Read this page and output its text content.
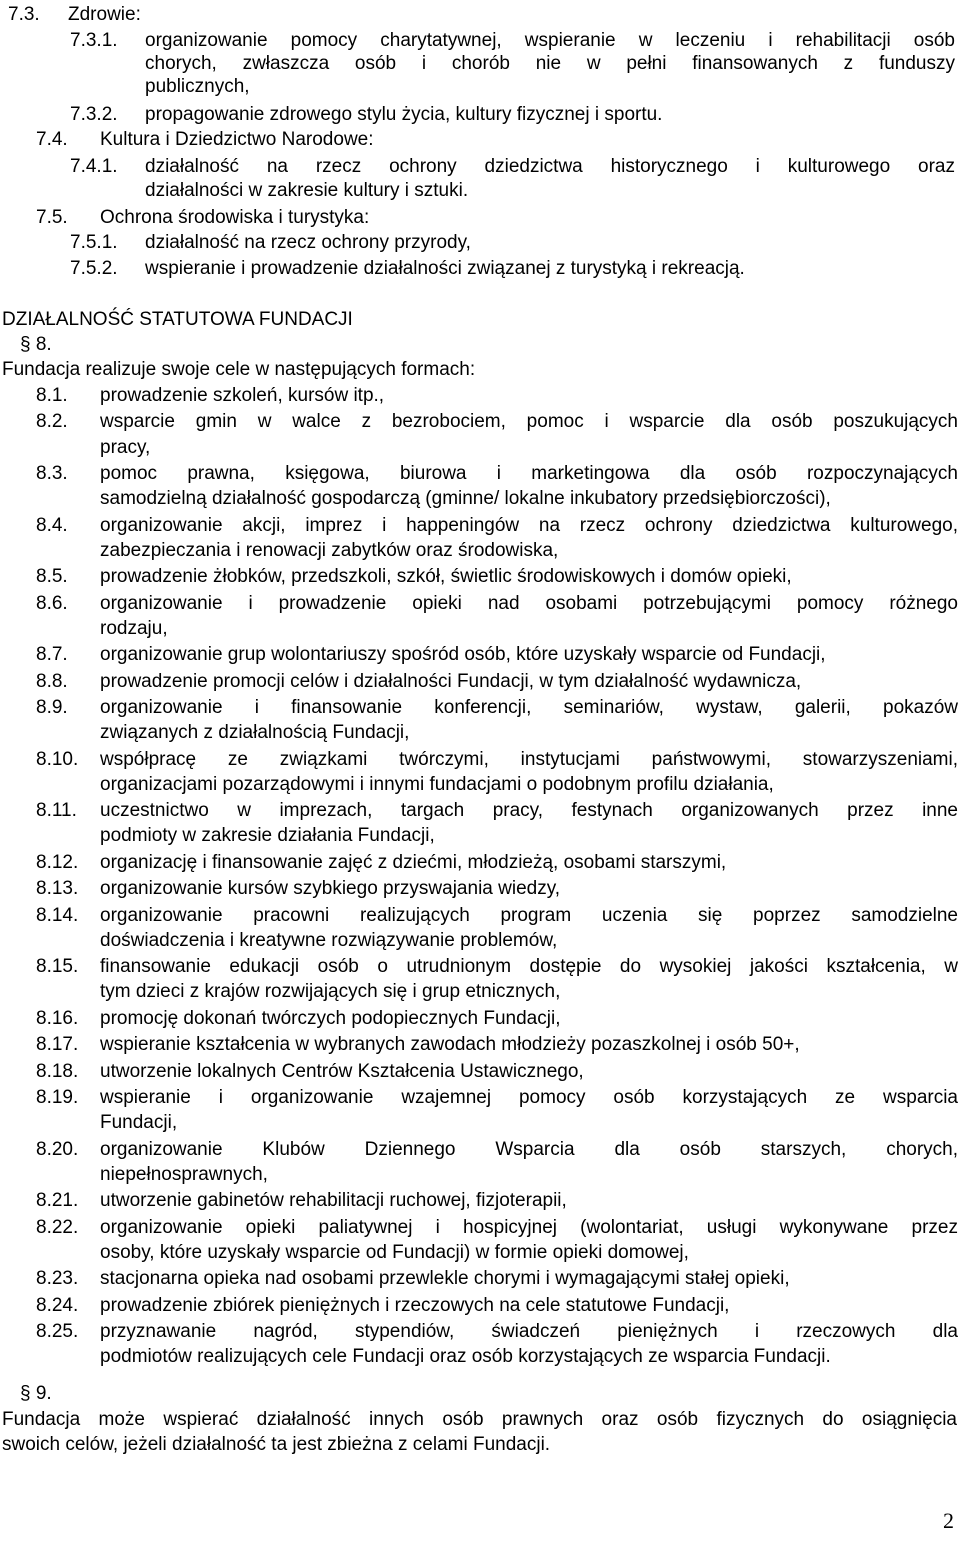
7.3. Zdrowie:
7.3.1. organizowanie pomocy charytatywnej, wspieranie w leczeniu i rehabilitacji osób
chorych, zwłaszcza osób i chorób nie w pełni finansowanych z funduszy
publicznych,
7.3.2. propagowanie zdrowego stylu życia, kultury fizycznej i sportu.
7.4. Kultura i Dziedzictwo Narodowe:
7.4.1. działalność na rzecz ochrony dziedzictwa historycznego i kulturowego oraz
działalności w zakresie kultury i sztuki.
7.5. Ochrona środowiska i turystyka:
7.5.1. działalność na rzecz ochrony przyrody,
7.5.2. wspieranie i prowadzenie działalności związanej z turystyką i rekreacją.
DZIAŁALNOŚĆ STATUTOWA FUNDACJI
§ 8.
Fundacja realizuje swoje cele w następujących formach:
8.1. prowadzenie szkoleń, kursów itp.,
8.2. wsparcie gmin w walce z bezrobociem, pomoc i wsparcie dla osób poszukujących
pracy,
8.3. pomoc prawna, księgowa, biurowa i marketingowa dla osób rozpoczynających
samodzielną działalność gospodarczą (gminne/ lokalne inkubatory przedsiębiorczości),
8.4. organizowanie akcji, imprez i happeningów na rzecz ochrony dziedzictwa kulturowego,
zabezpieczania i renowacji zabytków oraz środowiska,
8.5. prowadzenie żłobków, przedszkoli, szkół, świetlic środowiskowych i domów opieki,
8.6. organizowanie i prowadzenie opieki nad osobami potrzebującymi pomocy różnego
rodzaju,
8.7. organizowanie grup wolontariuszy spośród osób, które uzyskały wsparcie od Fundacji,
8.8. prowadzenie promocji celów i działalności Fundacji, w tym działalność wydawnicza,
8.9. organizowanie i finansowanie konferencji, seminariów, wystaw, galerii, pokazów
związanych z działalnością Fundacji,
8.10. współpracę ze związkami twórczymi, instytucjami państwowymi, stowarzyszeniami,
organizacjami pozarządowymi i innymi fundacjami o podobnym profilu działania,
8.11. uczestnictwo w imprezach, targach pracy, festynach organizowanych przez inne
podmioty w zakresie działania Fundacji,
8.12. organizację i finansowanie zajęć z dziećmi, młodzieżą, osobami starszymi,
8.13. organizowanie kursów szybkiego przyswajania wiedzy,
8.14. organizowanie pracowni realizujących program uczenia się poprzez samodzielne
doświadczenia i kreatywne rozwiązywanie problemów,
8.15. finansowanie edukacji osób o utrudnionym dostępie do wysokiej jakości kształcenia, w
tym dzieci z krajów rozwijających się i grup etnicznych,
8.16. promocję dokonań twórczych podopiecznych Fundacji,
8.17. wspieranie kształcenia w wybranych zawodach młodzieży pozaszkolnej i osób 50+,
8.18. utworzenie lokalnych Centrów Kształcenia Ustawicznego,
8.19. wspieranie i organizowanie wzajemnej pomocy osób korzystających ze wsparcia
Fundacji,
8.20. organizowanie Klubów Dziennego Wsparcia dla osób starszych, chorych,
niepełnosprawnych,
8.21. utworzenie gabinetów rehabilitacji ruchowej, fizjoterapii,
8.22. organizowanie opieki paliatywnej i hospicyjnej (wolontariat, usługi wykonywane przez
osoby, które uzyskały wsparcie od Fundacji) w formie opieki domowej,
8.23. stacjonarna opieka nad osobami przewlekle chorymi i wymagającymi stałej opieki,
8.24. prowadzenie zbiórek pieniężnych i rzeczowych na cele statutowe Fundacji,
8.25. przyznawanie nagród, stypendiów, świadczeń pieniężnych i rzeczowych dla
podmiotów realizujących cele Fundacji oraz osób korzystających ze wsparcia Fundacji.
§ 9.
Fundacja może wspierać działalność innych osób prawnych oraz osób fizycznych do osiągnięcia
swoich celów, jeżeli działalność ta jest zbieżna z celami Fundacji.
2
